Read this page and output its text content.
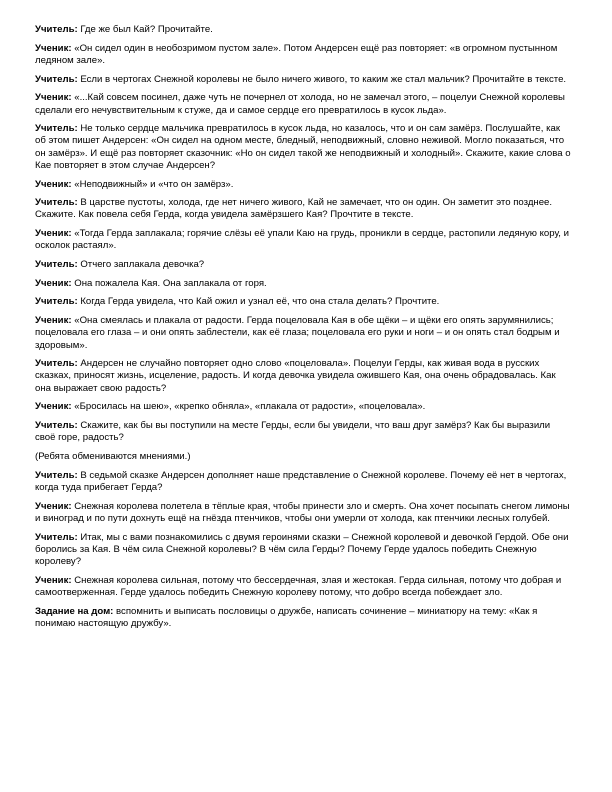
Учитель: Где же был Кай? Прочитайте.

Ученик: «Он сидел один в необозримом пустом зале». Потом Андерсен ещё раз повторяет: «в огромном пустынном ледяном зале».

Учитель: Если в чертогах Снежной королевы не было ничего живого, то каким же стал мальчик? Прочитайте в тексте.

Ученик: «...Кай совсем посинел, даже чуть не почернел от холода, но не замечал этого, – поцелуи Снежной королевы сделали его нечувствительным к стуже, да и самое сердце его превратилось в кусок льда».

Учитель: Не только сердце мальчика превратилось в кусок льда, но казалось, что и он сам замёрз. Послушайте, как об этом пишет Андерсен: «Он сидел на одном месте, бледный, неподвижный, словно неживой. Могло показаться, что он замёрз». И ещё раз повторяет сказочник: «Но он сидел такой же неподвижный и холодный». Скажите, какие слова о Кае повторяет в этом случае Андерсен?

Ученик: «Неподвижный» и «что он замёрз».

Учитель: В царстве пустоты, холода, где нет ничего живого, Кай не замечает, что он один. Он заметит это позднее. Скажите. Как повела себя Герда, когда увидела замёрзшего Кая? Прочтите в тексте.

Ученик: «Тогда Герда заплакала; горячие слёзы её упали Каю на грудь, проникли в сердце, растопили ледяную кору, и осколок растаял».

Учитель: Отчего заплакала девочка?

Ученик: Она пожалела Кая. Она заплакала от горя.

Учитель: Когда Герда увидела, что Кай ожил и узнал её, что она стала делать? Прочтите.

Ученик: «Она смеялась и плакала от радости. Герда поцеловала Кая в обе щёки – и щёки его опять зарумянились; поцеловала его глаза – и они опять заблестели, как её глаза; поцеловала его руки и ноги – и он опять стал бодрым и здоровым».

Учитель: Андерсен не случайно повторяет одно слово «поцеловала». Поцелуи Герды, как живая вода в русских сказках, приносят жизнь, исцеление, радость. И когда девочка увидела ожившего Кая, она очень обрадовалась. Как она выражает свою радость?

Ученик: «Бросилась на шею», «крепко обняла», «плакала от радости», «поцеловала».

Учитель: Скажите, как бы вы поступили на месте Герды, если бы увидели, что ваш друг замёрз? Как бы выразили своё горе, радость?

(Ребята обмениваются мнениями.)

Учитель: В седьмой сказке Андерсен дополняет наше представление о Снежной королеве. Почему её нет в чертогах, когда туда прибегает Герда?

Ученик: Снежная королева полетела в тёплые края, чтобы принести зло и смерть. Она хочет посыпать снегом лимоны и виноград и по пути дохнуть ещё на гнёзда птенчиков, чтобы они умерли от холода, как птенчики лесных голубей.

Учитель: Итак, мы с вами познакомились с двумя героинями сказки – Снежной королевой и девочкой Гердой. Обе они боролись за Кая. В чём сила Снежной королевы? В чём сила Герды? Почему Герде удалось победить Снежную королеву?

Ученик: Снежная королева сильная, потому что бессердечная, злая и жестокая. Герда сильная, потому что добрая и самоотверженная. Герде удалось победить Снежную королеву потому, что добро всегда побеждает зло.

Задание на дом: вспомнить и выписать пословицы о дружбе, написать сочинение – миниатюру на тему: «Как я понимаю настоящую дружбу».
